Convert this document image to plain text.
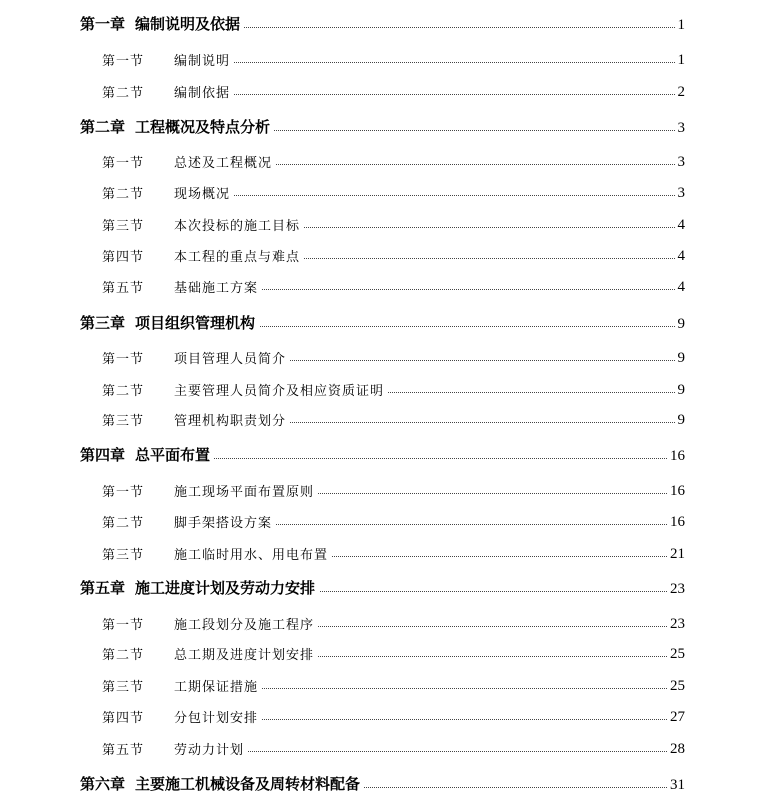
第一章 编制说明及依据	1
第一节	编制说明	1
第二节	编制依据	2
第二章 工程概况及特点分析	3
第一节	总述及工程概况	3
第二节	现场概况	3
第三节	本次投标的施工目标	4
第四节	本工程的重点与难点	4
第五节	基础施工方案	4
第三章 项目组织管理机构	9
第一节	项目管理人员简介	9
第二节	主要管理人员简介及相应资质证明	9
第三节	管理机构职责划分	9
第四章 总平面布置	16
第一节	施工现场平面布置原则	16
第二节	脚手架搭设方案	16
第三节	施工临时用水、用电布置	21
第五章 施工进度计划及劳动力安排	23
第一节	施工段划分及施工程序	23
第二节	总工期及进度计划安排	25
第三节	工期保证措施	25
第四节	分包计划安排	27
第五节	劳动力计划	28
第六章 主要施工机械设备及周转材料配备	31
